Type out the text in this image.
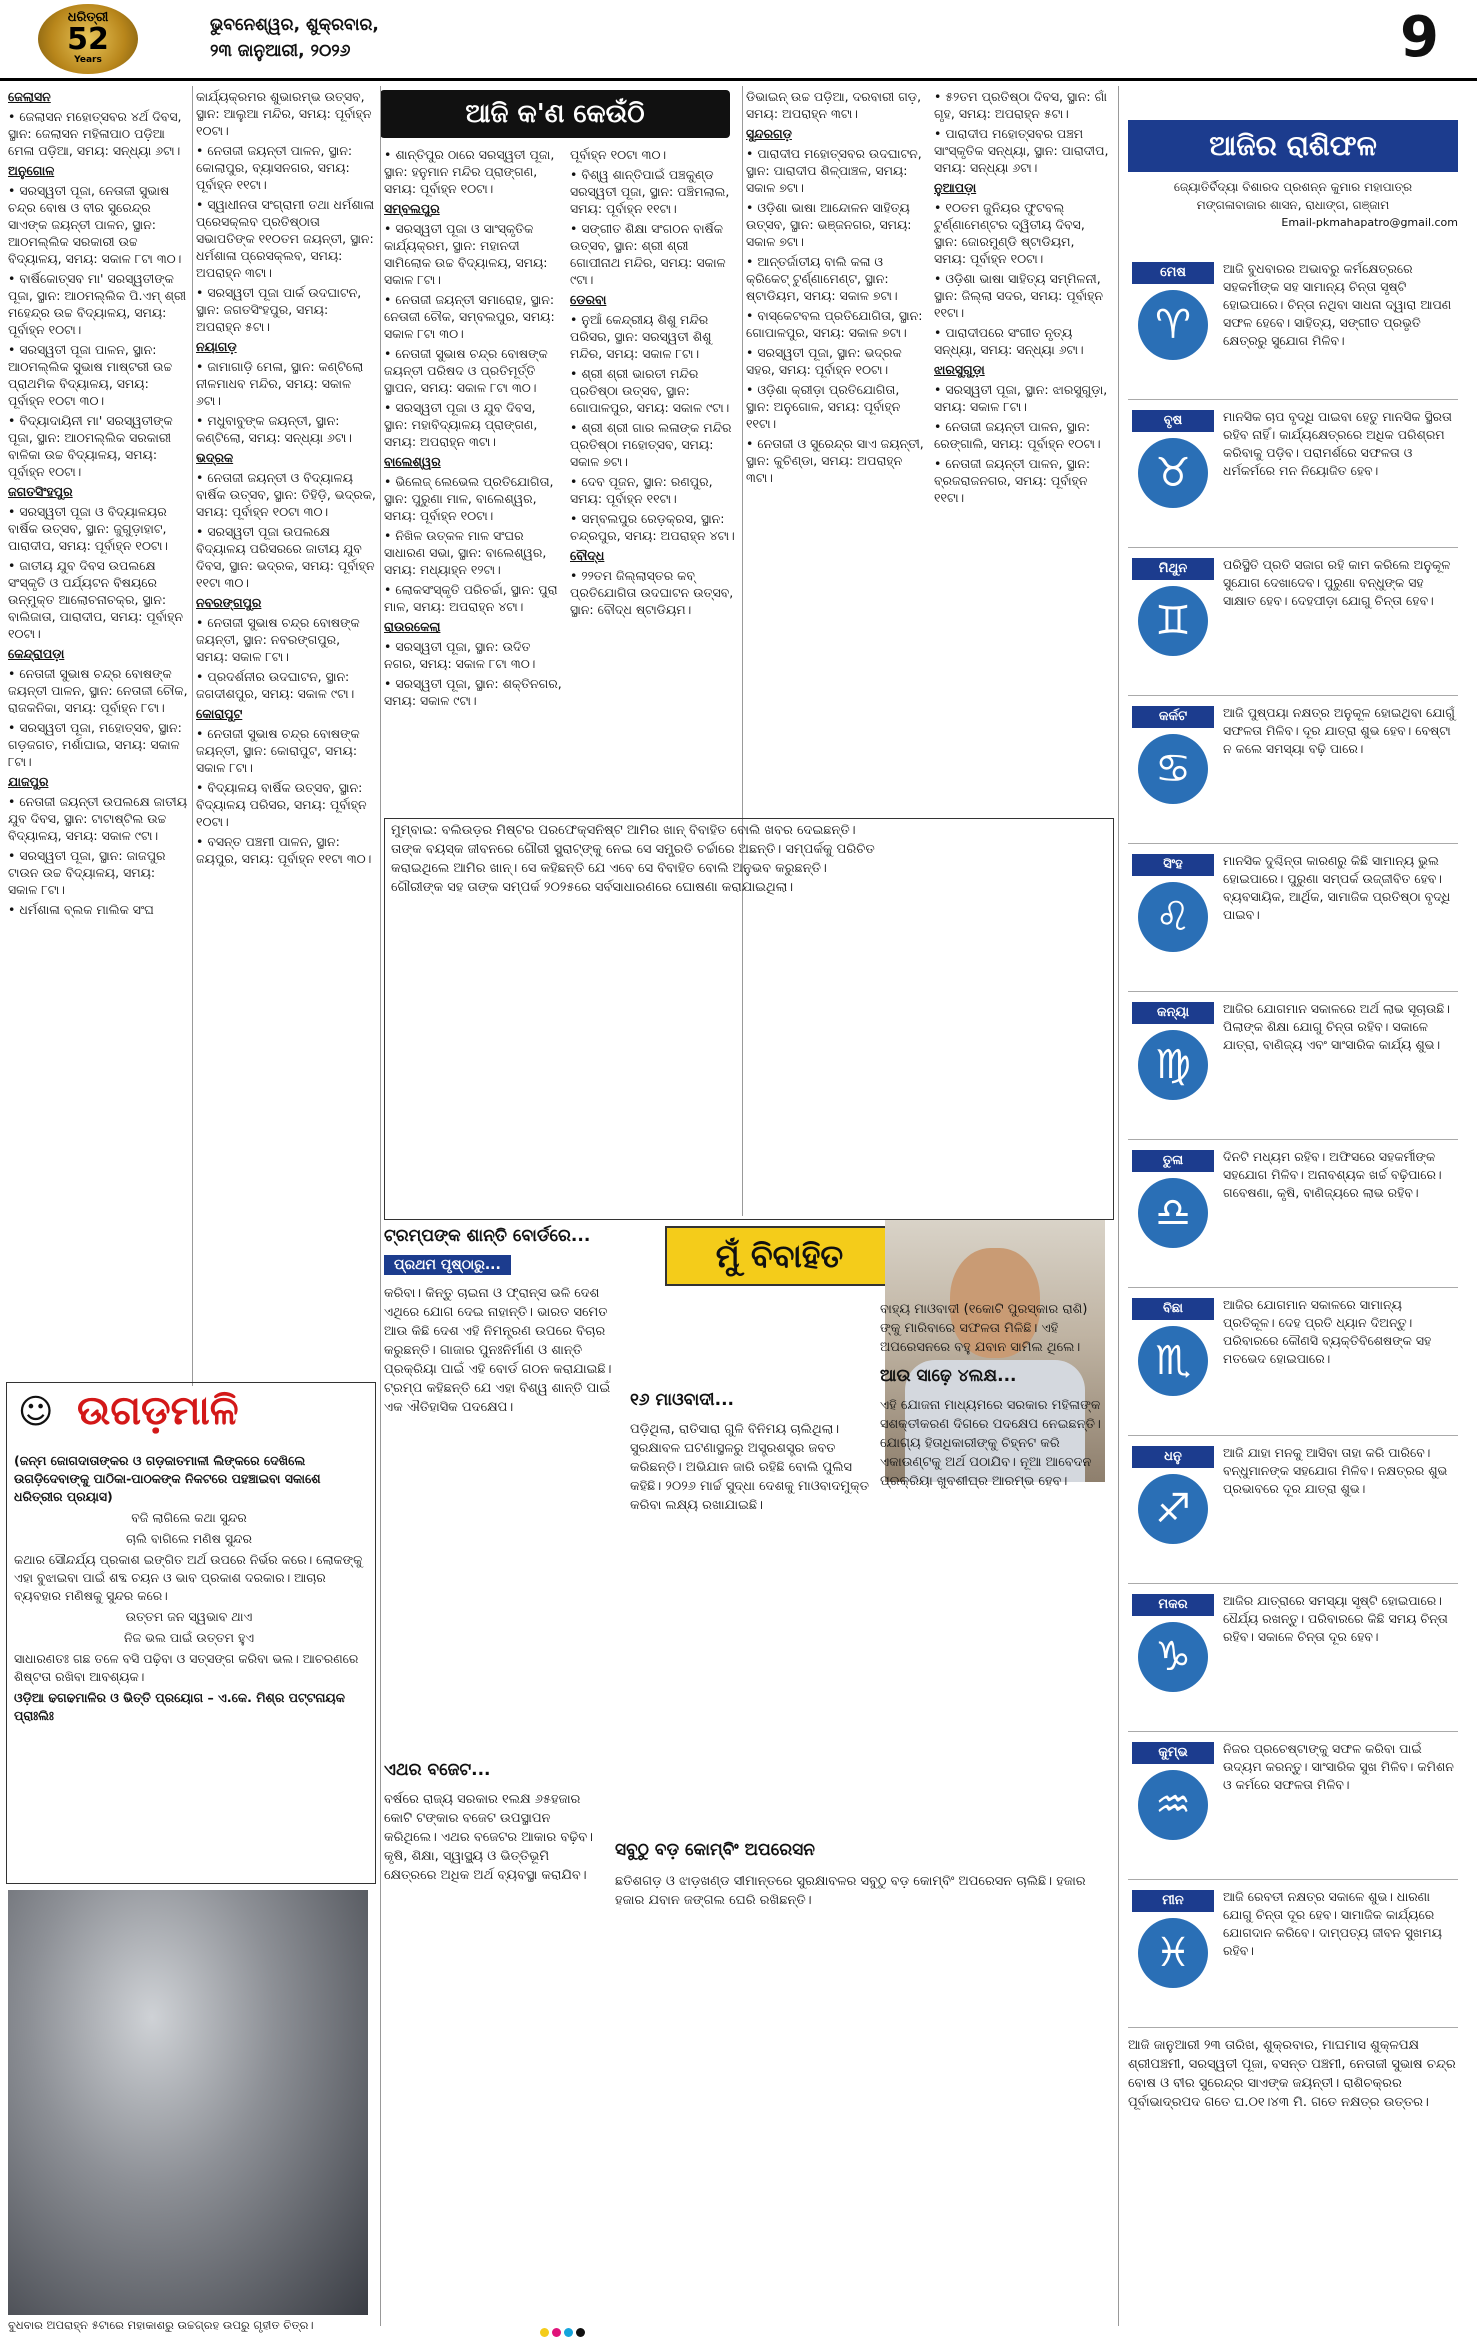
ଧରିତ୍ରୀ
52
Years
ଭୁବନେଶ୍ୱର, ଶୁକ୍ରବାର,
୨୩ ଜାନୁଆରୀ, ୨୦୨୬	9
ଆଜି କ'ଣ କେଉଁଠି

ଜେଲାସନ

• ଜେଲାସନ ମହୋତ୍ସବର ୪ର୍ଥ ଦିବସ, ସ୍ଥାନ: ଜେଲାସନ ମହିଳାପାଠ ପଡ଼ିଆ ମେଳା ପଡ଼ିଆ, ସମୟ: ସନ୍ଧ୍ୟା ୬ଟା।

ଅନୁଗୋଳ

• ସରସ୍ୱତୀ ପୂଜା, ନେତାଜୀ ସୁଭାଷ ଚନ୍ଦ୍ର ବୋଷ ଓ ବୀର ସୁରେନ୍ଦ୍ର ସାଏଙ୍କ ଜୟନ୍ତୀ ପାଳନ, ସ୍ଥାନ: ଆଠମଲ୍ଲିକ ସରକାରୀ ଉଚ୍ଚ ବିଦ୍ୟାଳୟ, ସମୟ: ସକାଳ ୮ଟା ୩୦।

• ବାର୍ଷିକୋତ୍ସବ ମା' ସରସ୍ୱତୀଙ୍କ ପୂଜା, ସ୍ଥାନ: ଆଠମଲ୍ଲିକ ପି.ଏମ୍ ଶ୍ରୀ ମହେନ୍ଦ୍ର ଉଚ୍ଚ ବିଦ୍ୟାଳୟ, ସମୟ: ପୂର୍ବାହ୍ନ ୧୦ଟା।

• ସରସ୍ୱତୀ ପୂଜା ପାଳନ, ସ୍ଥାନ: ଆଠମଲ୍ଲିକ ସୁଭାଷ ମାଷ୍ଟରୀ ଉଚ୍ଚ ପ୍ରାଥମିକ ବିଦ୍ୟାଳୟ, ସମୟ: ପୂର୍ବାହ୍ନ ୧୦ଟା ୩୦।

• ବିଦ୍ୟାଦାୟିନୀ ମା' ସରସ୍ୱତୀଙ୍କ ପୂଜା, ସ୍ଥାନ: ଆଠମଲ୍ଲିକ ସରକାରୀ ବାଳିକା ଉଚ୍ଚ ବିଦ୍ୟାଳୟ, ସମୟ: ପୂର୍ବାହ୍ନ ୧୦ଟା।

ଜଗତସିଂହପୁର

• ସରସ୍ୱତୀ ପୂଜା ଓ ବିଦ୍ୟାଳୟର ବାର୍ଷିକ ଉତ୍ସବ, ସ୍ଥାନ: ଜୁଗୁଡ଼ାହାଟ, ପାରାଦୀପ, ସମୟ: ପୂର୍ବାହ୍ନ ୧୦ଟା।

• ଜାତୀୟ ଯୁବ ଦିବସ ଉପଲକ୍ଷେ ସଂସ୍କୃତି ଓ ପର୍ଯ୍ୟଟନ ବିଷୟରେ ଉନ୍ମୁକ୍ତ ଆଲୋଚନାଚକ୍ର, ସ୍ଥାନ: ବାଲିଜାତା, ପାରାଦୀପ, ସମୟ: ପୂର୍ବାହ୍ନ ୧୦ଟା।

କେନ୍ଦ୍ରାପଡ଼ା

• ନେତାଜୀ ସୁଭାଷ ଚନ୍ଦ୍ର ବୋଷଙ୍କ ଜୟନ୍ତୀ ପାଳନ, ସ୍ଥାନ: ନେତାଜୀ ଚୌକ, ରାଜକନିକା, ସମୟ: ପୂର୍ବାହ୍ନ ୮ଟା।

• ସରସ୍ୱତୀ ପୂଜା, ମହୋତ୍ସବ, ସ୍ଥାନ: ଗଡ଼ଜଗତ, ମର୍ଶାଘାଇ, ସମୟ: ସକାଳ ୮ଟା।

ଯାଜପୁର

• ନେତାଜୀ ଜୟନ୍ତୀ ଉପଲକ୍ଷେ ଜାତୀୟ ଯୁବ ଦିବସ, ସ୍ଥାନ: ଟାଟାଷ୍ଟିଲ ଉଚ୍ଚ ବିଦ୍ୟାଳୟ, ସମୟ: ସକାଳ ୯ଟା।

• ସରସ୍ୱତୀ ପୂଜା, ସ୍ଥାନ: ଜାଜପୁର ଟାଉନ ଉଚ୍ଚ ବିଦ୍ୟାଳୟ, ସମୟ: ସକାଳ ୮ଟା।

• ଧର୍ମଶାଳା ବ୍ଲକ ମାଲିକ ସଂଘ

କାର୍ଯ୍ୟକ୍ରମର ଶୁଭାରମ୍ଭ ଉତ୍ସବ, ସ୍ଥାନ: ଆଲୁଆ ମନ୍ଦିର, ସମୟ: ପୂର୍ବାହ୍ନ ୧୦ଟା।

• ନେତାଜୀ ଜୟନ୍ତୀ ପାଳନ, ସ୍ଥାନ: କୋଲାପୁର, ବ୍ୟାସନଗର, ସମୟ: ପୂର୍ବାହ୍ନ ୧୧ଟା।

• ସ୍ୱାଧୀନତା ସଂଗ୍ରାମୀ ତଥା ଧର୍ମଶାଳା ପ୍ରେସକ୍ଲବ ପ୍ରତିଷ୍ଠାତା ସଭାପତିଙ୍କ ୧୧୦ତମ ଜୟନ୍ତୀ, ସ୍ଥାନ: ଧର୍ମଶାଳା ପ୍ରେସକ୍ଲବ, ସମୟ: ଅପରାହ୍ନ ୩ଟା।

• ସରସ୍ୱତୀ ପୂଜା ପାର୍କ ଉଦଘାଟନ, ସ୍ଥାନ: ଜଗତସିଂହପୁର, ସମୟ: ଅପରାହ୍ନ ୫ଟା।

ନୟାଗଡ଼

• ଜାମାଗାଡ଼ି ମେଳା, ସ୍ଥାନ: କଣ୍ଟିଲୋ ନୀଳମାଧବ ମନ୍ଦିର, ସମୟ: ସକାଳ ୬ଟା।

• ମଧୁବାବୁଙ୍କ ଜୟନ୍ତୀ, ସ୍ଥାନ: କଣ୍ଟିଲୋ, ସମୟ: ସନ୍ଧ୍ୟା ୬ଟା।

ଭଦ୍ରକ

• ନେତାଜୀ ଜୟନ୍ତୀ ଓ ବିଦ୍ୟାଳୟ ବାର୍ଷିକ ଉତ୍ସବ, ସ୍ଥାନ: ତିହିଡ଼ି, ଭଦ୍ରକ, ସମୟ: ପୂର୍ବାହ୍ନ ୧୦ଟା ୩୦।

• ସରସ୍ୱତୀ ପୂଜା ଉପଲକ୍ଷେ ବିଦ୍ୟାଳୟ ପରିସରରେ ଜାତୀୟ ଯୁବ ଦିବସ, ସ୍ଥାନ: ଭଦ୍ରକ, ସମୟ: ପୂର୍ବାହ୍ନ ୧୧ଟା ୩୦।

ନବରଙ୍ଗପୁର

• ନେତାଜୀ ସୁଭାଷ ଚନ୍ଦ୍ର ବୋଷଙ୍କ ଜୟନ୍ତୀ, ସ୍ଥାନ: ନବରଙ୍ଗପୁର, ସମୟ: ସକାଳ ୮ଟା।

• ପ୍ରଦର୍ଶନୀର ଉଦଘାଟନ, ସ୍ଥାନ: ଜଗଦୀଶପୁର, ସମୟ: ସକାଳ ୯ଟା।

କୋରାପୁଟ

• ନେତାଜୀ ସୁଭାଷ ଚନ୍ଦ୍ର ବୋଷଙ୍କ ଜୟନ୍ତୀ, ସ୍ଥାନ: କୋରାପୁଟ, ସମୟ: ସକାଳ ୮ଟା।

• ବିଦ୍ୟାଳୟ ବାର୍ଷିକ ଉତ୍ସବ, ସ୍ଥାନ: ବିଦ୍ୟାଳୟ ପରିସର, ସମୟ: ପୂର୍ବାହ୍ନ ୧୦ଟା।

• ବସନ୍ତ ପଞ୍ଚମୀ ପାଳନ, ସ୍ଥାନ: ଜୟପୁର, ସମୟ: ପୂର୍ବାହ୍ନ ୧୧ଟା ୩୦।

• ଶାନ୍ତିପୁର ଠାରେ ସରସ୍ୱତୀ ପୂଜା, ସ୍ଥାନ: ହନୁମାନ ମନ୍ଦିର ପ୍ରାଙ୍ଗଣ, ସମୟ: ପୂର୍ବାହ୍ନ ୧୦ଟା।

ସମ୍ବଲପୁର

• ସରସ୍ୱତୀ ପୂଜା ଓ ସାଂସ୍କୃତିକ କାର୍ଯ୍ୟକ୍ରମ, ସ୍ଥାନ: ମହାନଦୀ ସାମିଲୋକ ଉଚ୍ଚ ବିଦ୍ୟାଳୟ, ସମୟ: ସକାଳ ୮ଟା।

• ନେତାଜୀ ଜୟନ୍ତୀ ସମାରୋହ, ସ୍ଥାନ: ନେତାଜୀ ଚୌକ, ସମ୍ବଲପୁର, ସମୟ: ସକାଳ ୮ଟା ୩୦।

• ନେତାଜୀ ସୁଭାଷ ଚନ୍ଦ୍ର ବୋଷଙ୍କ ଜୟନ୍ତୀ ପରିଷଦ ଓ ପ୍ରତିମୂର୍ତ୍ତି ସ୍ଥାପନ, ସମୟ: ସକାଳ ୮ଟା ୩୦।

• ସରସ୍ୱତୀ ପୂଜା ଓ ଯୁବ ଦିବସ, ସ୍ଥାନ: ମହାବିଦ୍ୟାଳୟ ପ୍ରାଙ୍ଗଣ, ସମୟ: ଅପରାହ୍ନ ୩ଟା।

ବାଲେଶ୍ୱର

• ଭିଲେଜ୍ ଲେଭେଲ ପ୍ରତିଯୋଗିତା, ସ୍ଥାନ: ପୁରୁଣା ମାଳ, ବାଲେଶ୍ୱର, ସମୟ: ପୂର୍ବାହ୍ନ ୧୦ଟା।

• ନିଖିଳ ଉତ୍କଳ ମାଳ ସଂଘର ସାଧାରଣ ସଭା, ସ୍ଥାନ: ବାଲେଶ୍ୱର, ସମୟ: ମଧ୍ୟାହ୍ନ ୧୨ଟା।

• ଲୋକସଂସ୍କୃତି ପରିଚର୍ଚ୍ଚା, ସ୍ଥାନ: ପୁରା ମାଳ, ସମୟ: ଅପରାହ୍ନ ୪ଟା।

ରାଉରକେଲା

• ସରସ୍ୱତୀ ପୂଜା, ସ୍ଥାନ: ଉଦିତ ନଗର, ସମୟ: ସକାଳ ୮ଟା ୩୦।

• ସରସ୍ୱତୀ ପୂଜା, ସ୍ଥାନ: ଶକ୍ତିନଗର, ସମୟ: ସକାଳ ୯ଟା।

ପୂର୍ବାହ୍ନ ୧୦ଟା ୩୦।

• ବିଶ୍ୱ ଶାନ୍ତିପାଇଁ ପଞ୍ଚକୁଣ୍ଡ ସରସ୍ୱତୀ ପୂଜା, ସ୍ଥାନ: ପଞ୍ଚିମଲାଲ, ସମୟ: ପୂର୍ବାହ୍ନ ୧୧ଟା।

• ସଙ୍ଗୀତ ଶିକ୍ଷା ସଂଗଠନ ବାର୍ଷିକ ଉତ୍ସବ, ସ୍ଥାନ: ଶ୍ରୀ ଶ୍ରୀ ଗୋପୀନାଥ ମନ୍ଦିର, ସମୟ: ସକାଳ ୯ଟା।

ଡେରବା

• ନୁଆଁ କେନ୍ଦ୍ରୀୟ ଶିଶୁ ମନ୍ଦିର ପରିସର, ସ୍ଥାନ: ସରସ୍ୱତୀ ଶିଶୁ ମନ୍ଦିର, ସମୟ: ସକାଳ ୮ଟା।

• ଶ୍ରୀ ଶ୍ରୀ ଭାରତୀ ମନ୍ଦିର ପ୍ରତିଷ୍ଠା ଉତ୍ସବ, ସ୍ଥାନ: ଗୋପାଳପୁର, ସମୟ: ସକାଳ ୯ଟା।

• ଶ୍ରୀ ଶ୍ରୀ ଗାର ଲଳାଙ୍କ ମନ୍ଦିର ପ୍ରତିଷ୍ଠା ମହୋତ୍ସବ, ସମୟ: ସକାଳ ୭ଟା।

• ଦେବ ପୂଜନ, ସ୍ଥାନ: ରଣପୁର, ସମୟ: ପୂର୍ବାହ୍ନ ୧୧ଟା।

• ସମ୍ବଲପୁର ରେଡ଼କ୍ରସ, ସ୍ଥାନ: ଚନ୍ଦ୍ରପୁର, ସମୟ: ଅପରାହ୍ନ ୪ଟା।

ବୌଦ୍ଧ

• ୨୨ତମ ଜିଲ୍ଲାସ୍ତର କବ୍ ପ୍ରତିଯୋଗିତା ଉଦଘାଟନ ଉତ୍ସବ, ସ୍ଥାନ: ବୌଦ୍ଧ ଷ୍ଟାଡିୟମ।

ଡିଭାଇନ୍ ଉଚ୍ଚ ପଡ଼ିଆ, ଦରବାରୀ ଗଡ଼, ସମୟ: ଅପରାହ୍ନ ୩ଟା।

ସୁନ୍ଦରଗଡ଼

• ପାରାଦୀପ ମହୋତ୍ସବର ଉଦଘାଟନ, ସ୍ଥାନ: ପାରାଦୀପ ଶିଳ୍ପାଞ୍ଚଳ, ସମୟ: ସକାଳ ୭ଟା।

• ଓଡ଼ିଶା ଭାଷା ଆନ୍ଦୋଳନ ସାହିତ୍ୟ ଉତ୍ସବ, ସ୍ଥାନ: ଭଞ୍ଜନଗର, ସମୟ: ସକାଳ ୭ଟା।

• ଆନ୍ତର୍ଜାତୀୟ ବାଲି କଳା ଓ କ୍ରିକେଟ୍ ଟୁର୍ଣ୍ଣାମେଣ୍ଟ, ସ୍ଥାନ: ଷ୍ଟାଡିୟମ, ସମୟ: ସକାଳ ୭ଟା।

• ବାସ୍କେଟବଲ ପ୍ରତିଯୋଗିତା, ସ୍ଥାନ: ଗୋପାଳପୁର, ସମୟ: ସକାଳ ୭ଟା।

• ସରସ୍ୱତୀ ପୂଜା, ସ୍ଥାନ: ଭଦ୍ରକ ସହର, ସମୟ: ପୂର୍ବାହ୍ନ ୧୦ଟା।

• ଓଡ଼ିଶା କ୍ରୀଡ଼ା ପ୍ରତିଯୋଗିତା, ସ୍ଥାନ: ଅନୁଗୋଳ, ସମୟ: ପୂର୍ବାହ୍ନ ୧୧ଟା।

• ନେତାଜୀ ଓ ସୁରେନ୍ଦ୍ର ସାଏ ଜୟନ୍ତୀ, ସ୍ଥାନ: କୁଚିଣ୍ଡା, ସମୟ: ଅପରାହ୍ନ ୩ଟା।

• ୫୨ତମ ପ୍ରତିଷ୍ଠା ଦିବସ, ସ୍ଥାନ: ଗାଁ ଗୃହ, ସମୟ: ଅପରାହ୍ନ ୫ଟା।

• ପାରାଦୀପ ମହୋତ୍ସବର ପଞ୍ଚମ ସାଂସ୍କୃତିକ ସନ୍ଧ୍ୟା, ସ୍ଥାନ: ପାରାଦୀପ, ସମୟ: ସନ୍ଧ୍ୟା ୬ଟା।

ନୁଆପଡ଼ା

• ୧୦ତମ ଜୁନିୟର ଫୁଟବଲ୍ ଟୁର୍ଣ୍ଣାମେଣ୍ଟର ଦ୍ୱିତୀୟ ଦିବସ, ସ୍ଥାନ: ଜୋରମୁଣ୍ଡି ଷ୍ଟାଡିୟମ, ସମୟ: ପୂର୍ବାହ୍ନ ୧୦ଟା।

• ଓଡ଼ିଶା ଭାଷା ସାହିତ୍ୟ ସମ୍ମିଳନୀ, ସ୍ଥାନ: ଜିଲ୍ଲା ସଦର, ସମୟ: ପୂର୍ବାହ୍ନ ୧୧ଟା।

• ପାରାଦୀପରେ ସଂଗୀତ ନୃତ୍ୟ ସନ୍ଧ୍ୟା, ସମୟ: ସନ୍ଧ୍ୟା ୬ଟା।

ଝାରସୁଗୁଡ଼ା

• ସରସ୍ୱତୀ ପୂଜା, ସ୍ଥାନ: ଝାରସୁଗୁଡ଼ା, ସମୟ: ସକାଳ ୮ଟା।

• ନେତାଜୀ ଜୟନ୍ତୀ ପାଳନ, ସ୍ଥାନ: ରେଙ୍ଗାଲି, ସମୟ: ପୂର୍ବାହ୍ନ ୧୦ଟା।

• ନେତାଜୀ ଜୟନ୍ତୀ ପାଳନ, ସ୍ଥାନ: ବ୍ରଜରାଜନଗର, ସମୟ: ପୂର୍ବାହ୍ନ ୧୧ଟା।

ମୁମ୍ବାଇ: ବଲିଉଡ଼ର ମିଷ୍ଟର ପରଫେକ୍ସନିଷ୍ଟ ଆମିର ଖାନ୍ ବିବାହିତ ବୋଲି ଖବର ଦେଇଛନ୍ତି। ତାଙ୍କ ବୟସ୍କ ଜୀବନରେ ଗୌରୀ ସ୍ପ୍ରାଟ୍ଙ୍କୁ ନେଇ ସେ ସମ୍ପ୍ରତି ଚର୍ଚ୍ଚାରେ ଅଛନ୍ତି। ସମ୍ପର୍କକୁ ପରିଚିତ କରାଇଥିଲେ ଆମିର ଖାନ୍। ସେ କହିଛନ୍ତି ଯେ ଏବେ ସେ ବିବାହିତ ବୋଲି ଅନୁଭବ କରୁଛନ୍ତି। ଗୌରୀଙ୍କ ସହ ତାଙ୍କ ସମ୍ପର୍କ ୨୦୨୫ରେ ସର୍ବସାଧାରଣରେ ଘୋଷଣା କରାଯାଇଥିଲା।
ମୁଁ ବିବାହିତ
ଟ୍ରମ୍ପଙ୍କ ଶାନ୍ତି ବୋର୍ଡରେ...
ପ୍ରଥମ ପୃଷ୍ଠାରୁ...
କରିବା। କିନ୍ତୁ ଚାଇନା ଓ ଫ୍ରାନ୍ସ ଭଳି ଦେଶ ଏଥିରେ ଯୋଗ ଦେଇ ନାହାନ୍ତି। ଭାରତ ସମେତ ଆଉ କିଛି ଦେଶ ଏହି ନିମନ୍ତ୍ରଣ ଉପରେ ବିଚାର କରୁଛନ୍ତି। ଗାଜାର ପୁନଃନିର୍ମାଣ ଓ ଶାନ୍ତି ପ୍ରକ୍ରିୟା ପାଇଁ ଏହି ବୋର୍ଡ ଗଠନ କରାଯାଇଛି। ଟ୍ରମ୍ପ କହିଛନ୍ତି ଯେ ଏହା ବିଶ୍ୱ ଶାନ୍ତି ପାଇଁ ଏକ ଐତିହାସିକ ପଦକ୍ଷେପ।	୧୬ ମାଓବାଦୀ...
ପଡ଼ିଥିଲା, ରାତିସାରା ଗୁଳି ବିନିମୟ ଚାଲିଥିଲା। ସୁରକ୍ଷାବଳ ଘଟଣାସ୍ଥଳରୁ ଅସ୍ତ୍ରଶସ୍ତ୍ର ଜବତ କରିଛନ୍ତି। ଅଭିଯାନ ଜାରି ରହିଛି ବୋଲି ପୁଲିସ କହିଛି। ୨୦୨୬ ମାର୍ଚ୍ଚ ସୁଦ୍ଧା ଦେଶକୁ ମାଓବାଦମୁକ୍ତ କରିବା ଲକ୍ଷ୍ୟ ରଖାଯାଇଛି।
ବାହ୍ୟ ମାଓବାଦୀ (୧କୋଟି ପୁରସ୍କାର ରାଶି) ଙ୍କୁ ମାରିବାରେ ସଫଳତା ମିଳିଛି। ଏହି ଅପରେସନରେ ବହୁ ଯବାନ ସାମିଲ ଥିଲେ।
ଆଉ ସାଢ଼େ ୪ଲକ୍ଷ...
ଏହି ଯୋଜନା ମାଧ୍ୟମରେ ସରକାର ମହିଳାଙ୍କ ସଶକ୍ତୀକରଣ ଦିଗରେ ପଦକ୍ଷେପ ନେଇଛନ୍ତି। ଯୋଗ୍ୟ ହିତାଧିକାରୀଙ୍କୁ ଚିହ୍ନଟ କରି ଏକାଉଣ୍ଟକୁ ଅର୍ଥ ପଠାଯିବ। ନୂଆ ଆବେଦନ ପ୍ରକ୍ରିୟା ଖୁବଶୀଘ୍ର ଆରମ୍ଭ ହେବ।
ଏଥର ବଜେଟ...
ବର୍ଷରେ ରାଜ୍ୟ ସରକାର ୧ଲକ୍ଷ ୬୫ହଜାର କୋଟି ଟଙ୍କାର ବଜେଟ ଉପସ୍ଥାପନ କରିଥିଲେ। ଏଥର ବଜେଟର ଆକାର ବଢ଼ିବ। କୃଷି, ଶିକ୍ଷା, ସ୍ୱାସ୍ଥ୍ୟ ଓ ଭିତ୍ତିଭୂମି କ୍ଷେତ୍ରରେ ଅଧିକ ଅର୍ଥ ବ୍ୟବସ୍ଥା କରାଯିବ।
ସବୁଠୁ ବଡ଼ କୋମ୍ବିଂ ଅପରେସନ
ଛତିଶଗଡ଼ ଓ ଝାଡ଼ଖଣ୍ଡ ସୀମାନ୍ତରେ ସୁରକ୍ଷାବଳର ସବୁଠୁ ବଡ଼ କୋମ୍ବିଂ ଅପରେସନ ଚାଲିଛି। ହଜାର ହଜାର ଯବାନ ଜଙ୍ଗଲ ଘେରି ରଖିଛନ୍ତି।
☺ ଉଗଡ଼ମାଳି

(ଜନ୍ମ ଜୋଗଦାତାଙ୍କର ଓ ଗଡ଼ଜାତମାଳୀ ଲିଙ୍କରେ ଦେଖିଲେ ଉଗଡ଼ିଦେବାଙ୍କୁ ପାଠିକା-ପାଠକଙ୍କ ନିକଟରେ ପହଞ୍ଚାଇବା ସକାଶେ ଧରିତ୍ରୀର ପ୍ରୟାସ)

ବଜି ଲାଗିଲେ କଥା ସୁନ୍ଦର

ଚାଲି ବାଗିଲେ ମଣିଷ ସୁନ୍ଦର

କଥାର ସୌନ୍ଦର୍ଯ୍ୟ ପ୍ରକାଶ ଇଙ୍ଗିତ ଅର୍ଥ ଉପରେ ନିର୍ଭର କରେ। ଲୋକଙ୍କୁ ଏହା ବୁଝାଇବା ପାଇଁ ଶବ୍ଦ ଚୟନ ଓ ଭାବ ପ୍ରକାଶ ଦରକାର। ଆଚାର ବ୍ୟବହାର ମଣିଷକୁ ସୁନ୍ଦର କରେ।

ଉତ୍ତମ ଜନ ସ୍ୱଭାବ ଥାଏ

ନିଜ ଭଲ ପାଇଁ ଉତ୍ତମ ହୁଏ

ସାଧାରଣତଃ ଗଛ ତଳେ ବସି ପଢ଼ିବା ଓ ସତ୍‌ସଙ୍ଗ କରିବା ଭଲ। ଆଚରଣରେ ଶିଷ୍ଟତା ରଖିବା ଆବଶ୍ୟକ।

ଓଡ଼ିଆ ଢଗଢମାଳିର ଓ ଭିତ୍ତି ପ୍ରୟୋଗ – ଏ.କେ. ମିଶ୍ର ପଟ୍ଟନାୟକ ପ୍ରାଃଲିଃ

ବୁଧବାର ଅପରାହ୍ନ ୫ଟାରେ ମହାକାଶରୁ ଉଚ୍ଚଗ୍ରହ ଉପରୁ ଗୃହୀତ ଚିତ୍ର।
ଆଜିର ରାଶିଫଳ
ଜ୍ୟୋତିର୍ବିଦ୍ୟା ବିଶାରଦ ପ୍ରଶନ୍ନ କୁମାର ମହାପାତ୍ର
ମଙ୍ଗଳାବାଜାର ଶାସନ, ରାଧାଙ୍ଗ, ଗଞ୍ଜାମ
Email-pkmahapatro@gmail.com
ମେଷ
♈
ଆଜି ବୁଧବାରର ଅଭାବରୁ କର୍ମକ୍ଷେତ୍ରରେ ସହକର୍ମୀଙ୍କ ସହ ସାମାନ୍ୟ ଚିନ୍ତା ସୃଷ୍ଟି ହୋଇପାରେ। ଚିନ୍ତା ନଥିବା ସାଧନା ଦ୍ୱାରା ଆପଣ ସଫଳ ହେବେ। ସାହିତ୍ୟ, ସଙ୍ଗୀତ ପ୍ରଭୃତି କ୍ଷେତ୍ରରୁ ସୁଯୋଗ ମିଳିବ।
ବୃଷ
♉
ମାନସିକ ଚାପ ବୃଦ୍ଧି ପାଇବା ହେତୁ ମାନସିକ ସ୍ଥିରତା ରହିବ ନାହିଁ। କାର୍ଯ୍ୟକ୍ଷେତ୍ରରେ ଅଧିକ ପରିଶ୍ରମ କରିବାକୁ ପଡ଼ିବ। ପରାମର୍ଶରେ ସଫଳତା ଓ ଧର୍ମକର୍ମରେ ମନ ନିୟୋଜିତ ହେବ।
ମିଥୁନ
♊
ପରିସ୍ଥିତି ପ୍ରତି ସଜାଗ ରହି କାମ କରିଲେ ଅନୁକୂଳ ସୁଯୋଗ ଦେଖାଦେବ। ପୁରୁଣା ବନ୍ଧୁଙ୍କ ସହ ସାକ୍ଷାତ ହେବ। ଦେହପୀଡ଼ା ଯୋଗୁ ଚିନ୍ତା ହେବ।
କର୍କଟ
♋
ଆଜି ପୁଷ୍ପୟା ନକ୍ଷତ୍ର ଅନୁକୂଳ ହୋଇଥିବା ଯୋଗୁଁ ସଫଳତା ମିଳିବ। ଦୂର ଯାତ୍ରା ଶୁଭ ହେବ। ବେଷ୍ଟା ନ କଲେ ସମସ୍ୟା ବଢ଼ି ପାରେ।
ସିଂହ
♌
ମାନସିକ ଦୁଶ୍ଚିନ୍ତା କାରଣରୁ କିଛି ସାମାନ୍ୟ ଭୁଲ ହୋଇପାରେ। ପୁରୁଣା ସମ୍ପର୍କ ଉଜ୍ଜୀବିତ ହେବ। ବ୍ୟବସାୟିକ, ଆର୍ଥିକ, ସାମାଜିକ ପ୍ରତିଷ୍ଠା ବୃଦ୍ଧି ପାଇବ।
କନ୍ୟା
♍
ଆଜିର ଯୋଗମାନ ସକାଳରେ ଅର୍ଥ ଲାଭ ସୂଚାଉଛି। ପିଲାଙ୍କ ଶିକ୍ଷା ଯୋଗୁ ଚିନ୍ତା ରହିବ। ସକାଳେ ଯାତ୍ରା, ବାଣିଜ୍ୟ ଏବଂ ସାଂସାରିକ କାର୍ଯ୍ୟ ଶୁଭ।
ତୁଳା
♎
ଦିନଟି ମଧ୍ୟମ ରହିବ। ଅଫିସରେ ସହକର୍ମୀଙ୍କ ସହଯୋଗ ମିଳିବ। ଅନାବଶ୍ୟକ ଖର୍ଚ୍ଚ ବଢ଼ିପାରେ। ଗବେଷଣା, କୃଷି, ବାଣିଜ୍ୟରେ ଲାଭ ରହିବ।
ବିଛା
♏
ଆଜିର ଯୋଗମାନ ସକାଳରେ ସାମାନ୍ୟ ପ୍ରତିକୂଳ। ଦେହ ପ୍ରତି ଧ୍ୟାନ ଦିଅନ୍ତୁ। ପରିବାରରେ କୌଣସି ବ୍ୟକ୍ତିବିଶେଷଙ୍କ ସହ ମତଭେଦ ହୋଇପାରେ।
ଧନୁ
♐
ଆଜି ଯାହା ମନକୁ ଆସିବା ତାହା କରି ପାରିବେ। ବନ୍ଧୁମାନଙ୍କ ସହଯୋଗ ମିଳିବ। ନକ୍ଷତ୍ରର ଶୁଭ ପ୍ରଭାବରେ ଦୂର ଯାତ୍ରା ଶୁଭ।
ମକର
♑
ଆଜିର ଯାତ୍ରାରେ ସମସ୍ୟା ସୃଷ୍ଟି ହୋଇପାରେ। ଧୈର୍ଯ୍ୟ ରଖନ୍ତୁ। ପରିବାରରେ କିଛି ସମୟ ଚିନ୍ତା ରହିବ। ସକାଳେ ଚିନ୍ତା ଦୂର ହେବ।
କୁମ୍ଭ
♒
ନିଜର ପ୍ରଚେଷ୍ଟାଙ୍କୁ ସଫଳ କରିବା ପାଇଁ ଉଦ୍ୟମ କରନ୍ତୁ। ସାଂସାରିକ ସୁଖ ମିଳିବ। କମିଶନ ଓ କର୍ମରେ ସଫଳତା ମିଳିବ।
ମୀନ
♓
ଆଜି ରେବତୀ ନକ୍ଷତ୍ର ସକାଳେ ଶୁଭ। ଧାରଣା ଯୋଗୁ ଚିନ୍ତା ଦୂର ହେବ। ସାମାଜିକ କାର୍ଯ୍ୟରେ ଯୋଗଦାନ କରିବେ। ଦାମ୍ପତ୍ୟ ଜୀବନ ସୁଖମୟ ରହିବ।
ଆଜି ଜାନୁଆରୀ ୨୩ ତାରିଖ, ଶୁକ୍ରବାର, ମାଘମାସ ଶୁକ୍ଳପକ୍ଷ ଶ୍ରୀପଞ୍ଚମୀ, ସରସ୍ୱତୀ ପୂଜା, ବସନ୍ତ ପଞ୍ଚମୀ, ନେତାଜୀ ସୁଭାଷ ଚନ୍ଦ୍ର ବୋଷ ଓ ବୀର ସୁରେନ୍ଦ୍ର ସାଏଙ୍କ ଜୟନ୍ତୀ। ରାଶିଚକ୍ରର ପୂର୍ବାଭାଦ୍ରପଦ ଗତେ ଘ.୦୧।୪୩ ମି. ଗତେ ନକ୍ଷତ୍ର ଉତ୍ତର।
